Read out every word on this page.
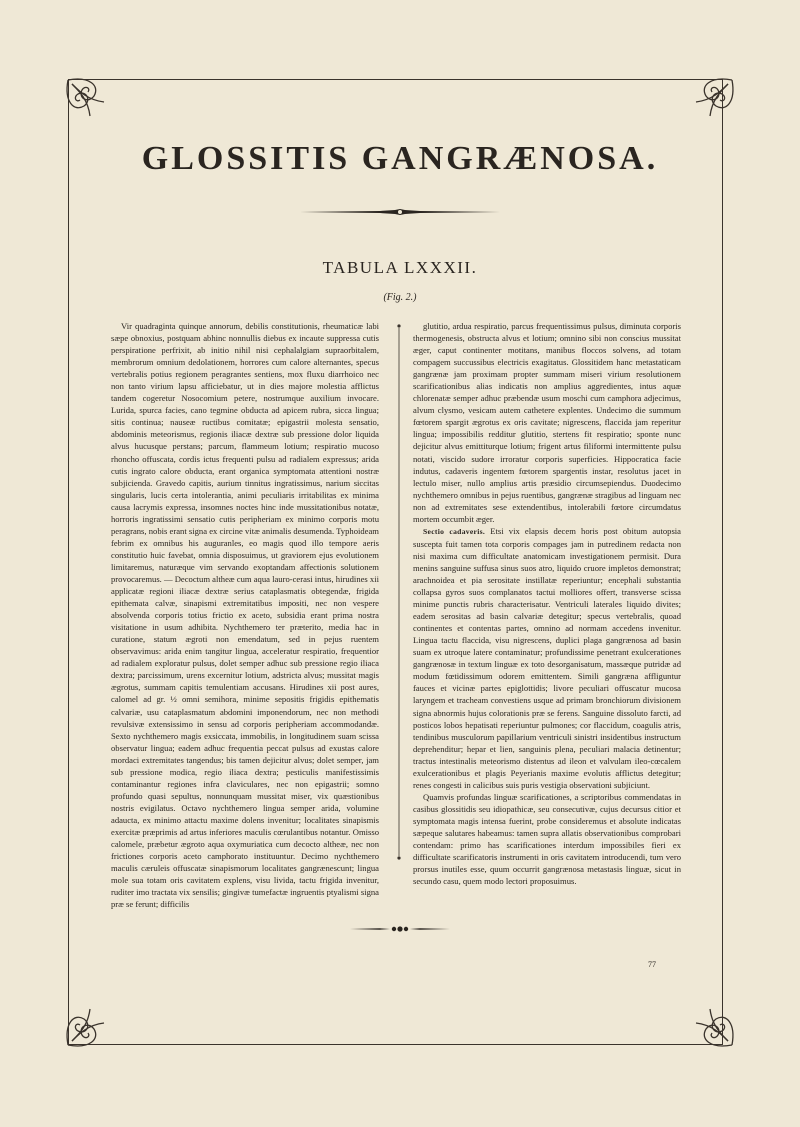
GLOSSITIS GANGRÆNOSA.
TABULA LXXXII.
(Fig. 2.)

Vir quadraginta quinque annorum, debilis constitutionis, rheumaticæ labi sæpe obnoxius, postquam abhinc nonnullis diebus ex incaute suppressa cutis perspiratione perfrixit, ab initio nihil nisi cephalalgiam supraorbitalem, membrorum omnium dedolationem, horrores cum calore alternantes, specus vertebralis potius regionem peragrantes sentiens, mox fluxu diarrhoico nec non tanto virium lapsu afficiebatur, ut in dies majore molestia afflictus tandem cogeretur Nosocomium petere, nostrumque auxilium invocare. Lurida, spurca facies, cano tegmine obducta ad apicem rubra, sicca lingua; sitis continua; nauseæ ructibus comitatæ; epigastrii molesta sensatio, abdominis meteorismus, regionis iliacæ dextræ sub pressione dolor liquida alvus hucusque perstans; parcum, flammeum lotium; respiratio mucoso rhoncho offuscata, cordis ictus frequenti pulsu ad radialem expressus; arida cutis ingrato calore obducta, erant organica symptomata attentioni nostræ subjicienda. Gravedo capitis, aurium tinnitus ingratissimus, narium siccitas singularis, lucis certa intolerantia, animi peculiaris irritabilitas ex minima causa lacrymis expressa, insomnes noctes hinc inde mussitationibus notatæ, horroris ingratissimi sensatio cutis peripheriam ex minimo corporis motu peragrans, nobis erant signa ex circine vitæ animalis desumenda. Typhoideam febrim ex omnibus his auguranles, eo magis quod illo tempore aeris constitutio huic favebat, omnia disposuimus, ut graviorem ejus evolutionem limitaremus, naturæque vim servando exoptandam affectionis solutionem provocaremus. — Decoctum altheæ cum aqua lauro-cerasi intus, hirudines xii applicatæ regioni iliacæ dextræ serius cataplasmatis obtegendæ, frigida epithemata calvæ, sinapismi extremitatibus impositi, nec non vespere absolvenda corporis totius frictio ex aceto, subsidia erant prima nostra visitatione in usum adhibita. Nychthemero ter præterito, media hac in curatione, statum ægroti non emendatum, sed in pejus ruentem observavimus: arida enim tangitur lingua, acceleratur respiratio, frequentior ad radialem exploratur pulsus, dolet semper adhuc sub pressione regio iliaca dextra; parcissimum, urens excernitur lotium, adstricta alvus; mussitat magis ægrotus, summam capitis temulentiam accusans. Hirudines xii post aures, calomel ad gr. ½ omni semihora, minime sepositis frigidis epithematis calvariæ, usu cataplasmatum abdomini imponendorum, nec non methodi revulsivæ extensissimo in sensu ad corporis peripheriam accommodandæ. Sexto nychthemero magis exsiccata, immobilis, in longitudinem suam scissa observatur lingua; eadem adhuc frequentia peccat pulsus ad exustas calore mordaci extremitates tangendus; bis tamen dejicitur alvus; dolet semper, jam sub pressione modica, regio iliaca dextra; pesticulis manifestissimis contaminantur regiones infra claviculares, nec non epigastrii; somno profundo quasi sepultus, nonnunquam mussitat miser, vix quæstionibus nostris evigilatus. Octavo nychthemero lingua semper arida, volumine adaucta, ex minimo attactu maxime dolens invenitur; localitates sinapismis exercitæ præprimis ad artus inferiores maculis cœrulantibus notantur. Omisso calomele, præbetur ægroto aqua oxymuriatica cum decocto altheæ, nec non frictiones corporis aceto camphorato instituuntur. Decimo nychthemero maculis cæruleis offuscatæ sinapismorum localitates gangrænescunt; lingua mole sua totam oris cavitatem explens, visu livida, tactu frigida invenitur, ruditer imo tractata vix sensilis; gingivæ tumefactæ ingruentis ptyalismi signa præ se ferunt; difficilis

glutitio, ardua respiratio, parcus frequentissimus pulsus, diminuta corporis thermogenesis, obstructa alvus et lotium; omnino sibi non conscius mussitat æger, caput continenter motitans, manibus floccos solvens, ad totam compagem succussibus electricis exagitatus. Glossitidem hanc metastaticam gangrænæ jam proximam propter summam miseri virium resolutionem scarificationibus alias indicatis non amplius aggredientes, intus aquæ chlorenatæ semper adhuc præbendæ usum moschi cum camphora adjecimus, alvum clysmo, vesicam autem cathetere explentes. Undecimo die summum fœtorem spargit ægrotus ex oris cavitate; nigrescens, flaccida jam reperitur lingua; impossibilis redditur glutitio, stertens fit respiratio; sponte nunc dejicitur alvus emittiturque lotium; frigent artus filiformi intermittente pulsu notati, viscido sudore irroratur corporis superficies. Hippocratica facie indutus, cadaveris ingentem fœtorem spargentis instar, resolutus jacet in lectulo miser, nullo amplius artis præsidio circumsepiendus. Duodecimo nychthemero omnibus in pejus ruentibus, gangrænæ stragibus ad linguam nec non ad extremitates sese extendentibus, intolerabili fœtore circumdatus mortem occumbit æger.

Sectio cadaveris. Etsi vix elapsis decem horis post obitum autopsia suscepta fuit tamen tota corporis compages jam in putredinem redacta non nisi maxima cum difficultate anatomicam investigationem permisit. Dura menins sanguine suffusa sinus suos atro, liquido cruore impletos demonstrat; arachnoidea et pia serositate instillatæ reperiuntur; encephali substantia collapsa gyros suos complanatos tactui molliores offert, transverse scissa minime punctis rubris characterisatur. Ventriculi laterales liquido divites; eadem serositas ad basin calvariæ detegitur; specus vertebralis, quoad continentes et contentas partes, omnino ad normam accedens invenitur. Lingua tactu flaccida, visu nigrescens, duplici plaga gangrænosa ad basin suam ex utroque latere contaminatur; profundissime penetrant exulcerationes gangrænosæ in textum linguæ ex toto desorganisatum, massæque putridæ ad modum fœtidissimum odorem emittentem. Simili gangræna affliguntur fauces et vicinæ partes epiglottidis; livore peculiari offuscatur mucosa laryngem et tracheam convestiens usque ad primam bronchiorum divisionem signa abnormis hujus colorationis præ se ferens. Sanguine dissoluto farcti, ad posticos lobos hepatisati reperiuntur pulmones; cor flaccidum, coagulis atris, tendinibus musculorum papillarium ventriculi sinistri insidentibus instructum deprehenditur; hepar et lien, sanguinis plena, peculiari malacia detinentur; tractus intestinalis meteorismo distentus ad ileon et valvulam ileo-cœcalem exulcerationibus et plagis Peyerianis maxime evolutis afflictus detegitur; renes congesti in calicibus suis puris vestigia observationi subjiciunt.

Quamvis profundas linguæ scarificationes, a scriptoribus commendatas in casibus glossitidis seu idiopathicæ, seu consecutivæ, cujus decursus citior et symptomata magis intensa fuerint, probe consideremus et absolute indicatas sæpeque salutares habeamus: tamen supra allatis observationibus comprobari contendam: primo has scarificationes interdum impossibiles fieri ex difficultate scarificatoris instrumenti in oris cavitatem introducendi, tum vero prorsus inutiles esse, quum occurrit gangrænosa metastasis linguæ, sicut in secundo casu, quem modo lectori proposuimus.

77
